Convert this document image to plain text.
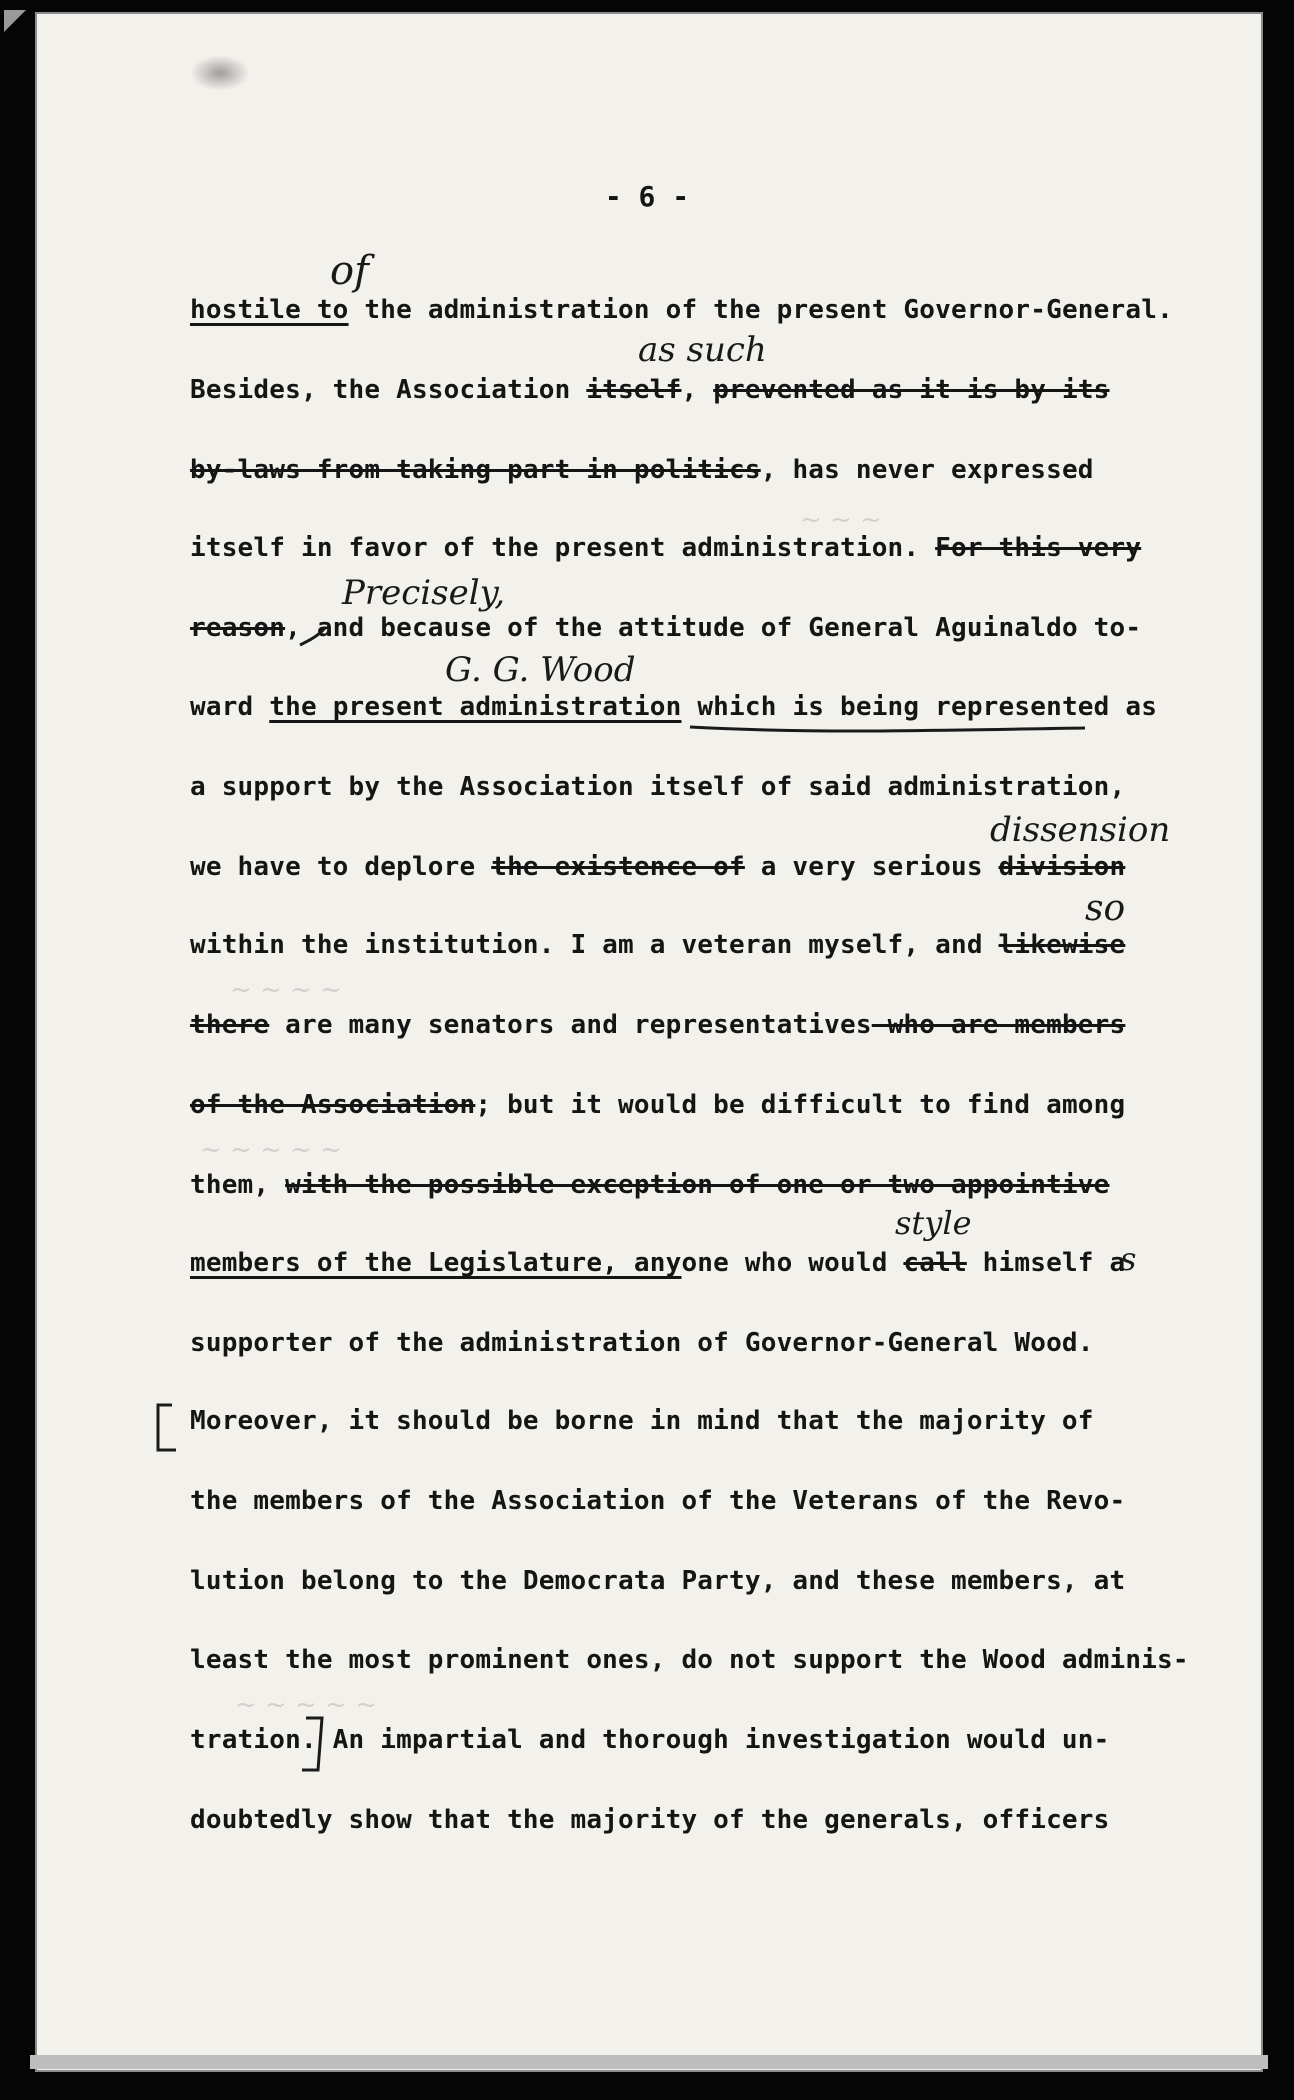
- 6 -
hostile to the administration of the present Governor-General.
Besides, the Association itself, prevented as it is by its
by-laws from taking part in politics, has never expressed
itself in favor of the present administration. For this very
reason, and because of the attitude of General Aguinaldo to-
ward the present administration which is being represented as
a support by the Association itself of said administration,
we have to deplore the existence of a very serious division
within the institution. I am a veteran myself, and likewise
there are many senators and representatives who are members
of the Association; but it would be difficult to find among
them, with the possible exception of one or two appointive
members of the Legislature, anyone who would call himself a
supporter of the administration of Governor-General Wood.
Moreover, it should be borne in mind that the majority of
the members of the Association of the Veterans of the Revo-
lution belong to the Democrata Party, and these members, at
least the most prominent ones, do not support the Wood adminis-
tration. An impartial and thorough investigation would un-
doubtedly show that the majority of the generals, officers
of
as such
Precisely,
G. G. Wood
dissension
so
style
s
~ ~ ~
~ ~ ~ ~
~ ~ ~ ~ ~
~ ~ ~ ~ ~
